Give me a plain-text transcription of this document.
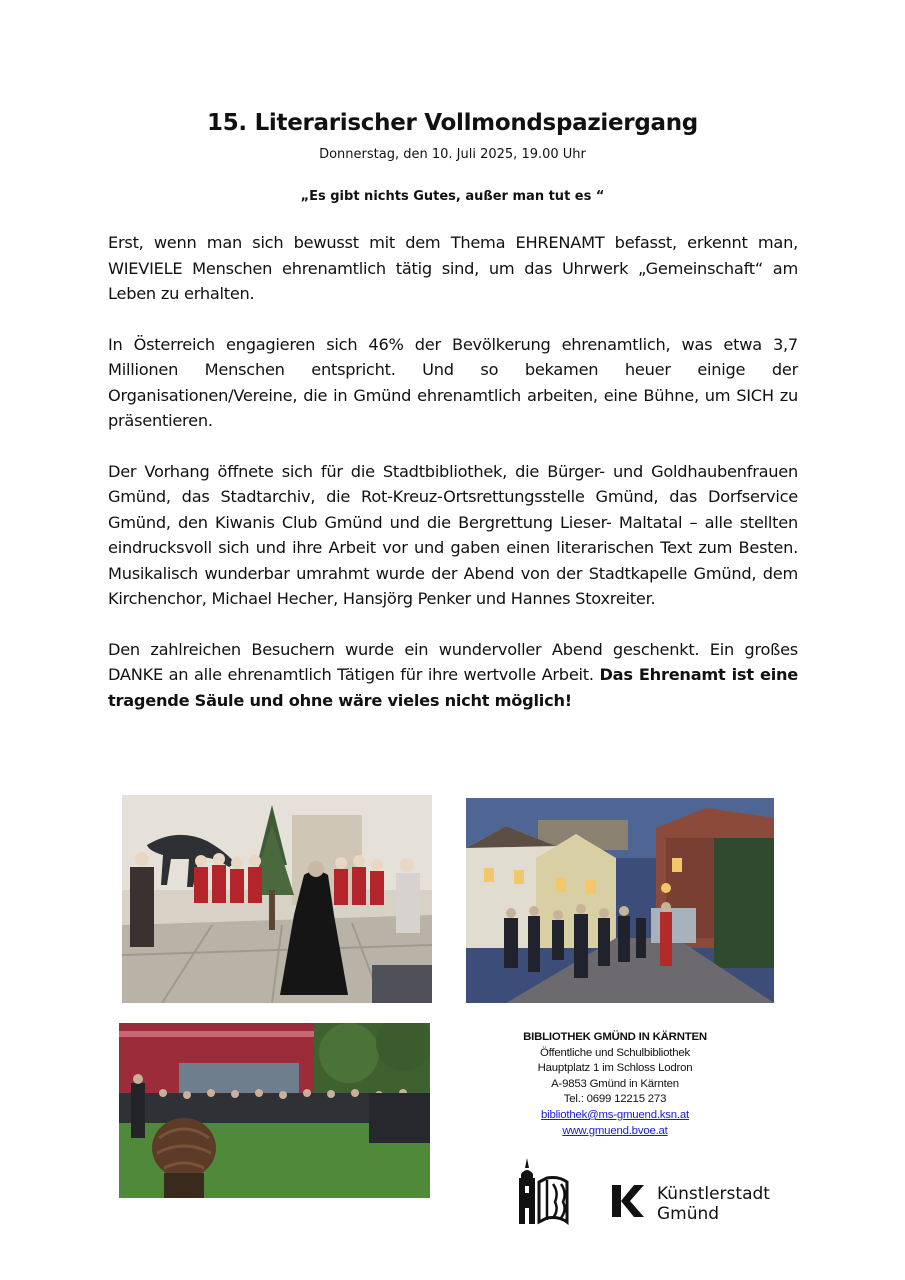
15. Literarischer Vollmondspaziergang
Donnerstag, den 10. Juli 2025, 19.00 Uhr
„Es gibt nichts Gutes, außer man tut es “

Erst, wenn man sich bewusst mit dem Thema EHRENAMT befasst, erkennt man, WIEVIELE Menschen ehrenamtlich tätig sind, um das Uhrwerk „Gemeinschaft“ am Leben zu erhalten.

In Österreich engagieren sich 46% der Bevölkerung ehrenamtlich, was etwa 3,7 Millionen Menschen entspricht. Und so bekamen heuer einige der Organisationen/Vereine, die in Gmünd ehrenamtlich arbeiten, eine Bühne, um SICH zu präsentieren.

Der Vorhang öffnete sich für die Stadtbibliothek, die Bürger- und Goldhaubenfrauen Gmünd, das Stadtarchiv, die Rot-Kreuz-Ortsrettungsstelle Gmünd, das Dorfservice Gmünd, den Kiwanis Club Gmünd und die Bergrettung Lieser- Maltatal – alle stellten eindrucksvoll sich und ihre Arbeit vor und gaben einen literarischen Text zum Besten. Musikalisch wunderbar umrahmt wurde der Abend von der Stadtkapelle Gmünd, dem Kirchenchor, Michael Hecher, Hansjörg Penker und Hannes Stoxreiter.

Den zahlreichen Besuchern wurde ein wundervoller Abend geschenkt. Ein großes DANKE an alle ehrenamtlich Tätigen für ihre wertvolle Arbeit. Das Ehrenamt ist eine tragende Säule und ohne wäre vieles nicht möglich!

BIBLIOTHEK GMÜND IN KÄRNTEN
Öffentliche und Schulbibliothek
Hauptplatz 1 im Schloss Lodron
A-9853 Gmünd in Kärnten
Tel.: 0699 12215 273
bibliothek@ms-gmuend.ksn.at
www.gmuend.bvoe.at
Künstlerstadt
Gmünd
